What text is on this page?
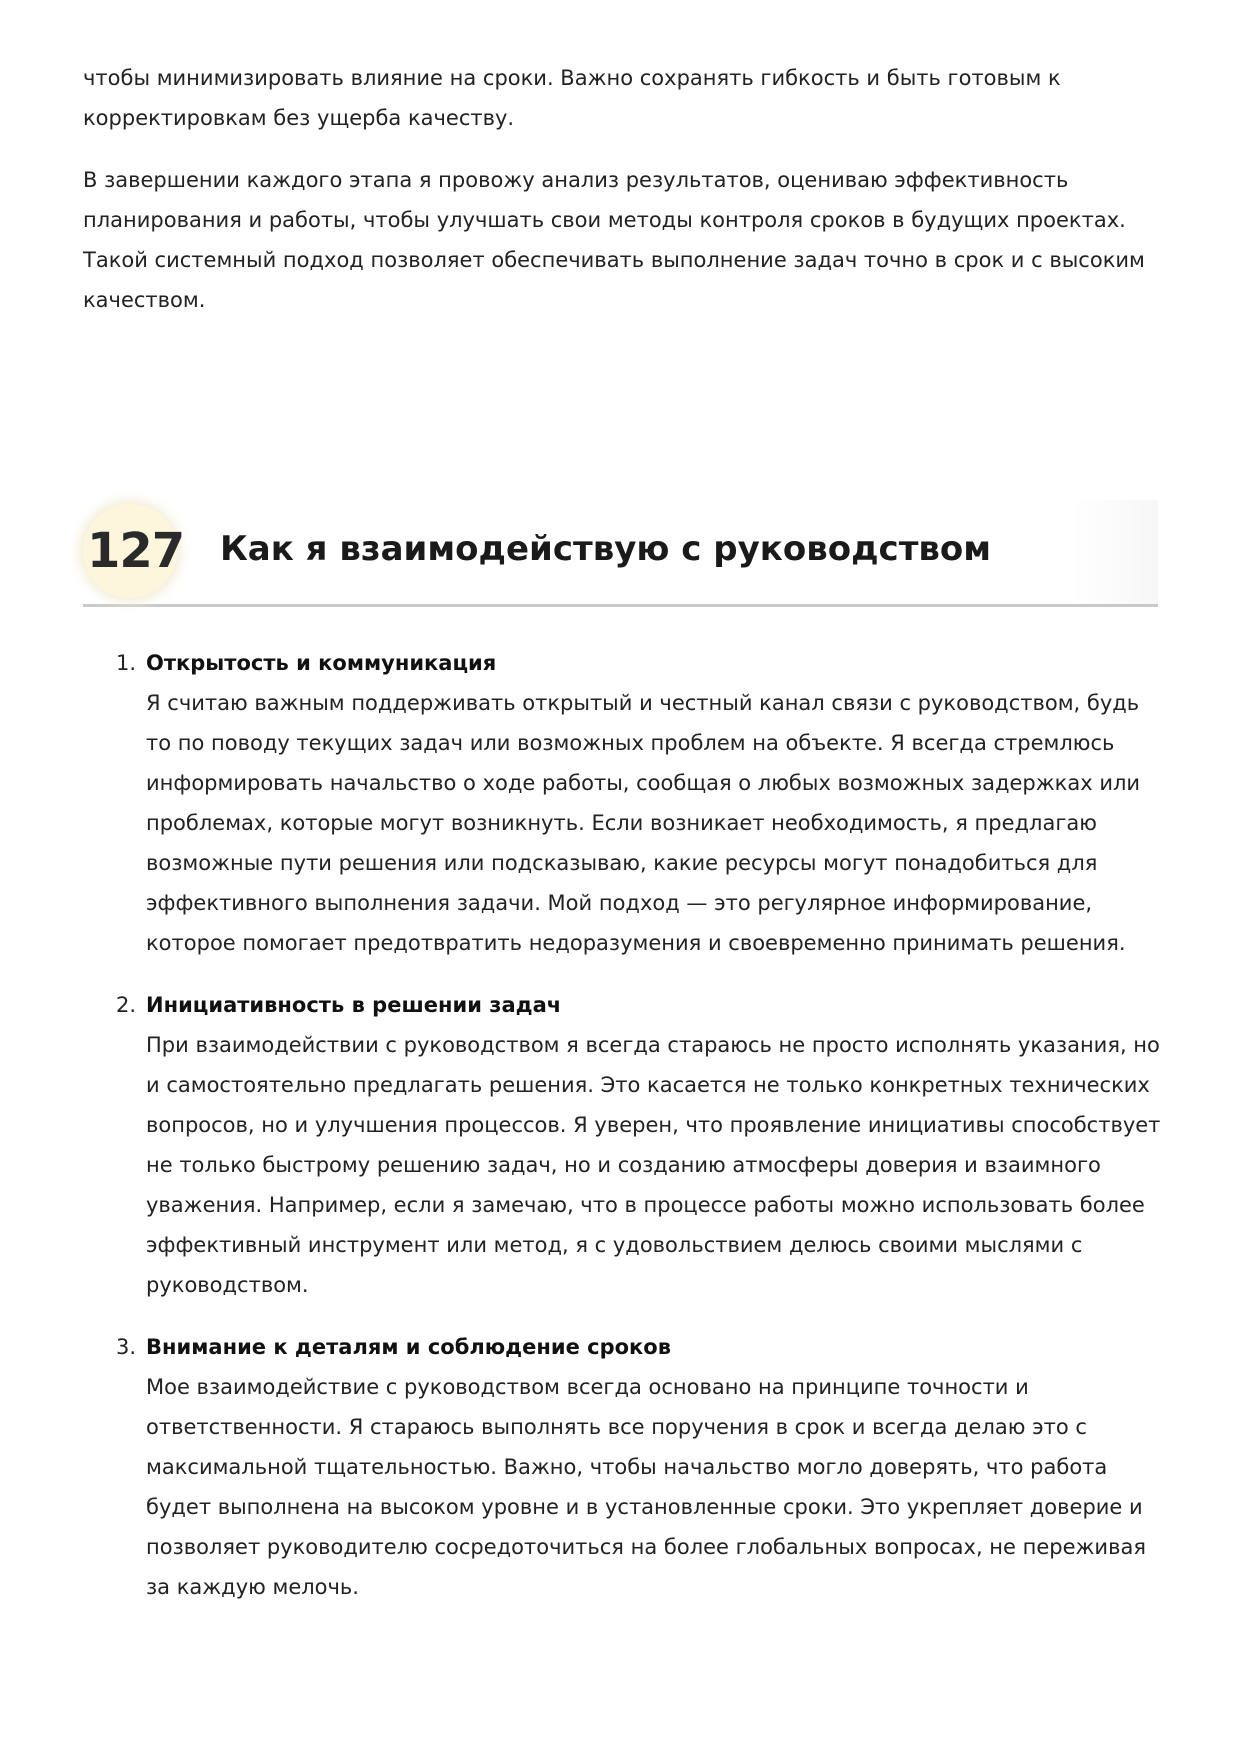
чтобы минимизировать влияние на сроки. Важно сохранять гибкость и быть готовым к корректировкам без ущерба качеству.

В завершении каждого этапа я провожу анализ результатов, оцениваю эффективность планирования и работы, чтобы улучшать свои методы контроля сроков в будущих проектах. Такой системный подход позволяет обеспечивать выполнение задач точно в срок и с высоким качеством.

127 Как я взаимодействую с руководством
1. Открытость и коммуникация
Я считаю важным поддерживать открытый и честный канал связи с руководством, будь то по поводу текущих задач или возможных проблем на объекте. Я всегда стремлюсь информировать начальство о ходе работы, сообщая о любых возможных задержках или проблемах, которые могут возникнуть. Если возникает необходимость, я предлагаю возможные пути решения или подсказываю, какие ресурсы могут понадобиться для эффективного выполнения задачи. Мой подход — это регулярное информирование, которое помогает предотвратить недоразумения и своевременно принимать решения.
2. Инициативность в решении задач
При взаимодействии с руководством я всегда стараюсь не просто исполнять указания, но и самостоятельно предлагать решения. Это касается не только конкретных технических вопросов, но и улучшения процессов. Я уверен, что проявление инициативы способствует не только быстрому решению задач, но и созданию атмосферы доверия и взаимного уважения. Например, если я замечаю, что в процессе работы можно использовать более эффективный инструмент или метод, я с удовольствием делюсь своими мыслями с руководством.
3. Внимание к деталям и соблюдение сроков
Мое взаимодействие с руководством всегда основано на принципе точности и ответственности. Я стараюсь выполнять все поручения в срок и всегда делаю это с максимальной тщательностью. Важно, чтобы начальство могло доверять, что работа будет выполнена на высоком уровне и в установленные сроки. Это укрепляет доверие и позволяет руководителю сосредоточиться на более глобальных вопросах, не переживая за каждую мелочь.
